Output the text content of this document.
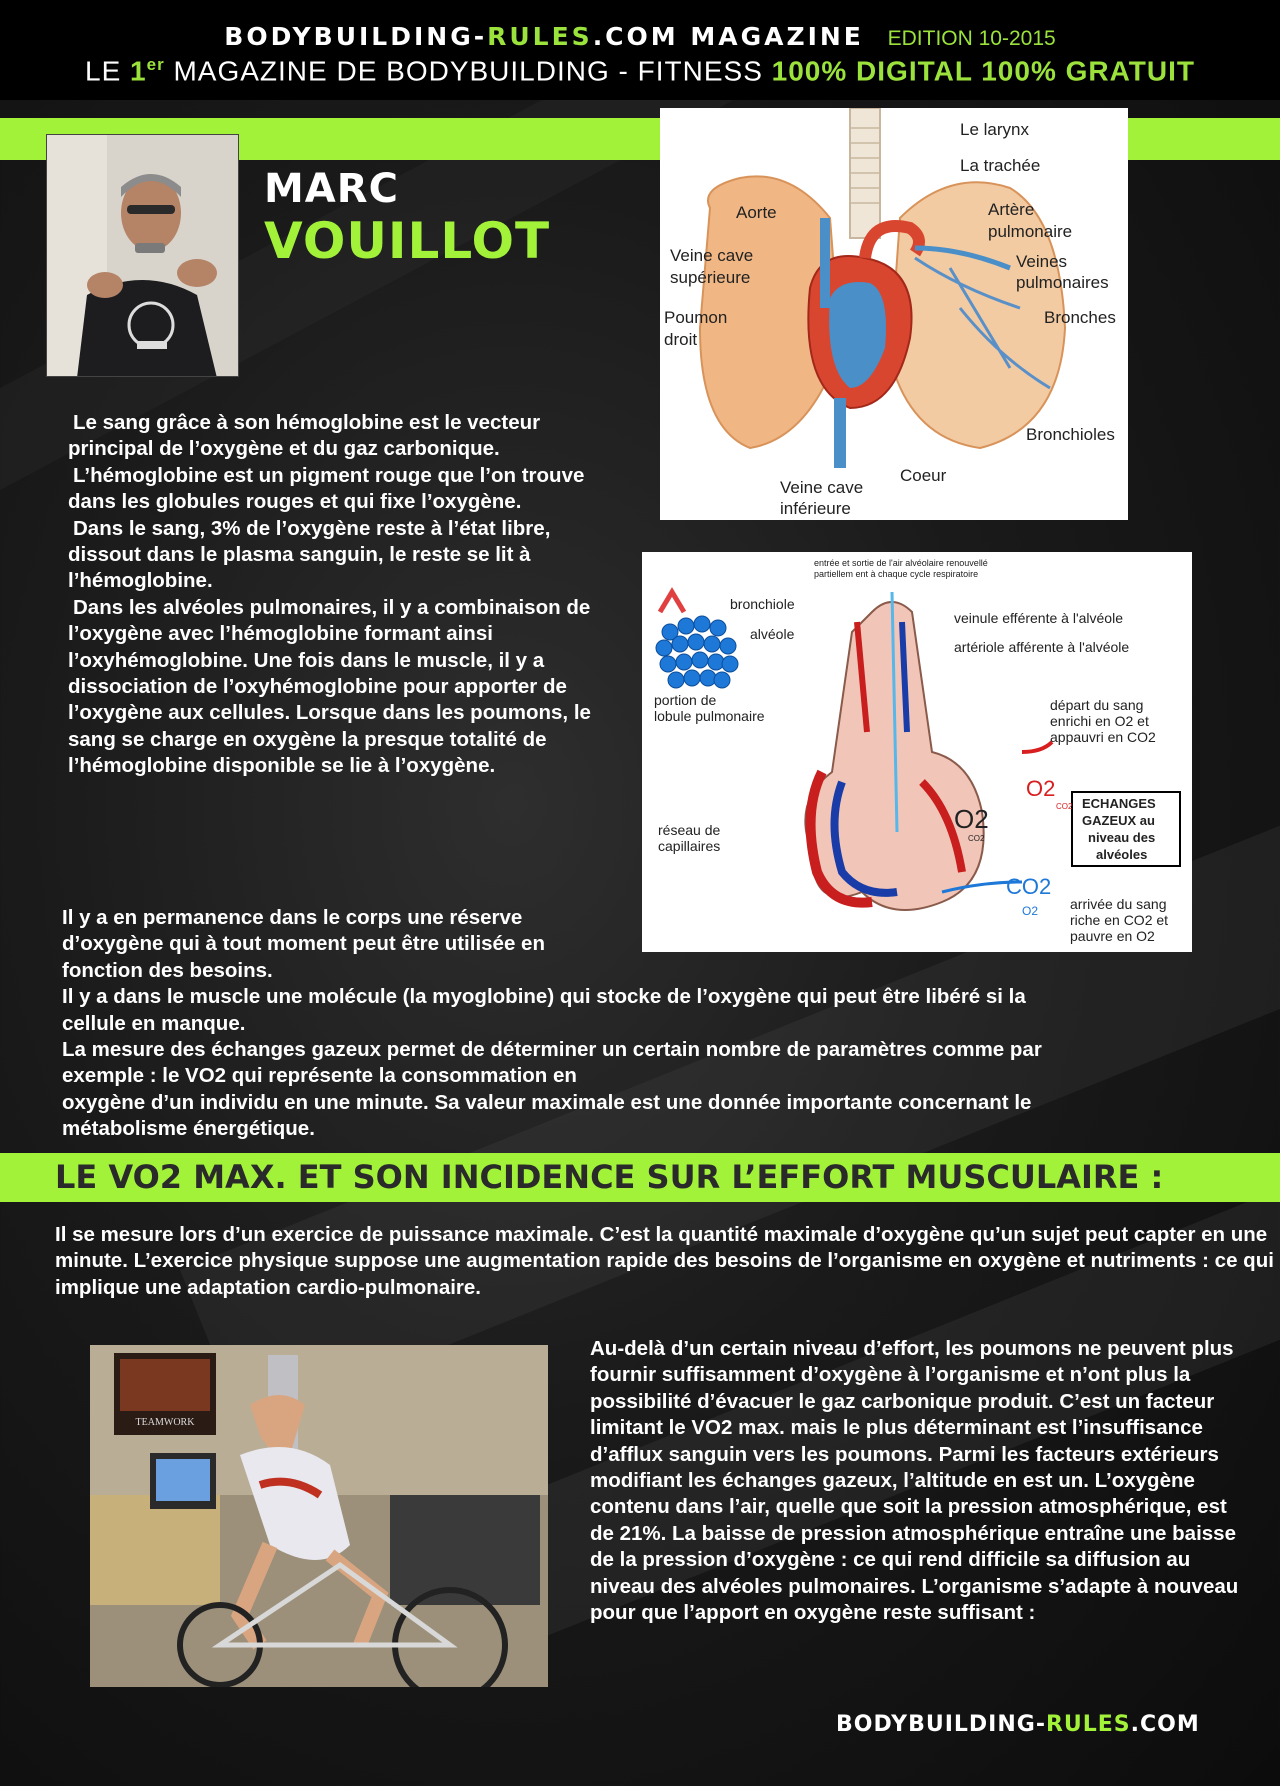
BODYBUILDING-RULES.COM MAGAZINE EDITION 10-2015
LE 1er MAGAZINE DE BODYBUILDING - FITNESS 100% DIGITAL 100% GRATUIT
MARC
VOUILLOT
Le larynx
La trachée
Aorte	Artère
pulmonaire
Veine cave
supérieure
Veines
pulmonaires
Poumon
droit
Bronches
Bronchioles
Coeur
Veine cave
inférieure
entrée et sortie de l'air alvéolaire renouvellé
partiellem ent à chaque cycle respiratoire
bronchiole
alvéole
veinule efférente à l'alvéole
artériole afférente à l'alvéole
portion de
lobule pulmonaire
départ du sang
enrichi en O2 et
appauvri en CO2
O2
CO2
O2
CO2
CO2
O2
réseau de
capillaires
ECHANGES
GAZEUX au
niveau des
alvéoles
arrivée du sang
riche en CO2 et
pauvre en O2

Le sang grâce à son hémoglobine est le vecteur principal de l’oxygène et du gaz carbonique.

L’hémoglobine est un pigment rouge que l’on trouve dans les globules rouges et qui fixe l’oxygène.

Dans le sang, 3% de l’oxygène reste à l’état libre, dissout dans le plasma sanguin, le reste se lit à l’hémoglobine.

Dans les alvéoles pulmonaires, il y a combinaison de l’oxygène avec l’hémoglobine formant ainsi l’oxyhémoglobine. Une fois dans le muscle, il y a dissociation de l’oxyhémoglobine pour apporter de l’oxygène aux cellules. Lorsque dans les poumons, le sang se charge en oxygène la presque totalité de l’hémoglobine disponible se lie à l’oxygène.

Il y a en permanence dans le corps une réserve
d’oxygène qui à tout moment peut être utilisée en
fonction des besoins.
Il y a dans le muscle une molécule (la myoglobine) qui stocke de l’oxygène qui peut être libéré si la
cellule en manque.
La mesure des échanges gazeux permet de déterminer un certain nombre de paramètres comme par
exemple : le VO2 qui représente la consommation en
oxygène d’un individu en une minute. Sa valeur maximale est une donnée importante concernant le
métabolisme énergétique.
LE VO2 MAX. ET SON INCIDENCE SUR L’EFFORT MUSCULAIRE :
Il se mesure lors d’un exercice de puissance maximale. C’est la quantité maximale d’oxygène qu’un sujet peut capter en une minute. L’exercice physique suppose une augmentation rapide des besoins de l’organisme en oxygène et nutriments : ce qui implique une adaptation cardio-pulmonaire.
TEAMWORK
Au-delà d’un certain niveau d’effort, les poumons ne peuvent plus fournir suffisamment d’oxygène à l’organisme et n’ont plus la possibilité d’évacuer le gaz carbonique produit. C’est un facteur limitant le VO2 max. mais le plus déterminant est l’insuffisance d’afflux sanguin vers les poumons. Parmi les facteurs extérieurs modifiant les échanges gazeux, l’altitude en est un. L’oxygène contenu dans l’air, quelle que soit la pression atmosphérique, est de 21%. La baisse de pression atmosphérique entraîne une baisse de la pression d’oxygène : ce qui rend difficile sa diffusion au niveau des alvéoles pulmonaires. L’organisme s’adapte à nouveau pour que l’apport en oxygène reste suffisant :
BODYBUILDING-RULES.COM
